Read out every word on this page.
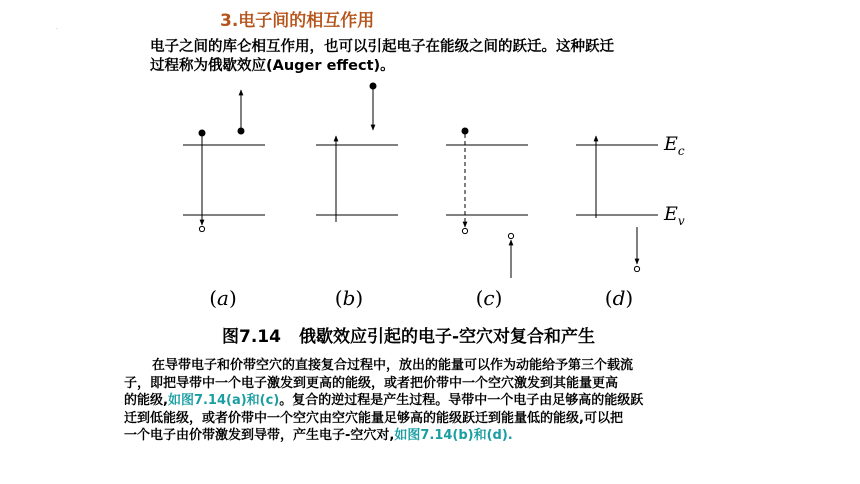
·	3.电子间的相互作用
电子之间的库仑相互作用，也可以引起电子在能级之间的跃迁。这种跃迁
过程称为俄歇效应(Auger effect)。
$E_c$
$E_v$
(a)	(b)	(c)	(d)
图7.14 俄歇效应引起的电子-空穴对复合和产生
在导带电子和价带空穴的直接复合过程中，放出的能量可以作为动能给予第三个载流
子，即把导带中一个电子激发到更高的能级，或者把价带中一个空穴激发到其能量更高
的能级,如图7.14(a)和(c)。复合的逆过程是产生过程。导带中一个电子由足够高的能级跃
迁到低能级，或者价带中一个空穴由空穴能量足够高的能级跃迁到能量低的能级,可以把
一个电子由价带激发到导带，产生电子-空穴对,如图7.14(b)和(d).
